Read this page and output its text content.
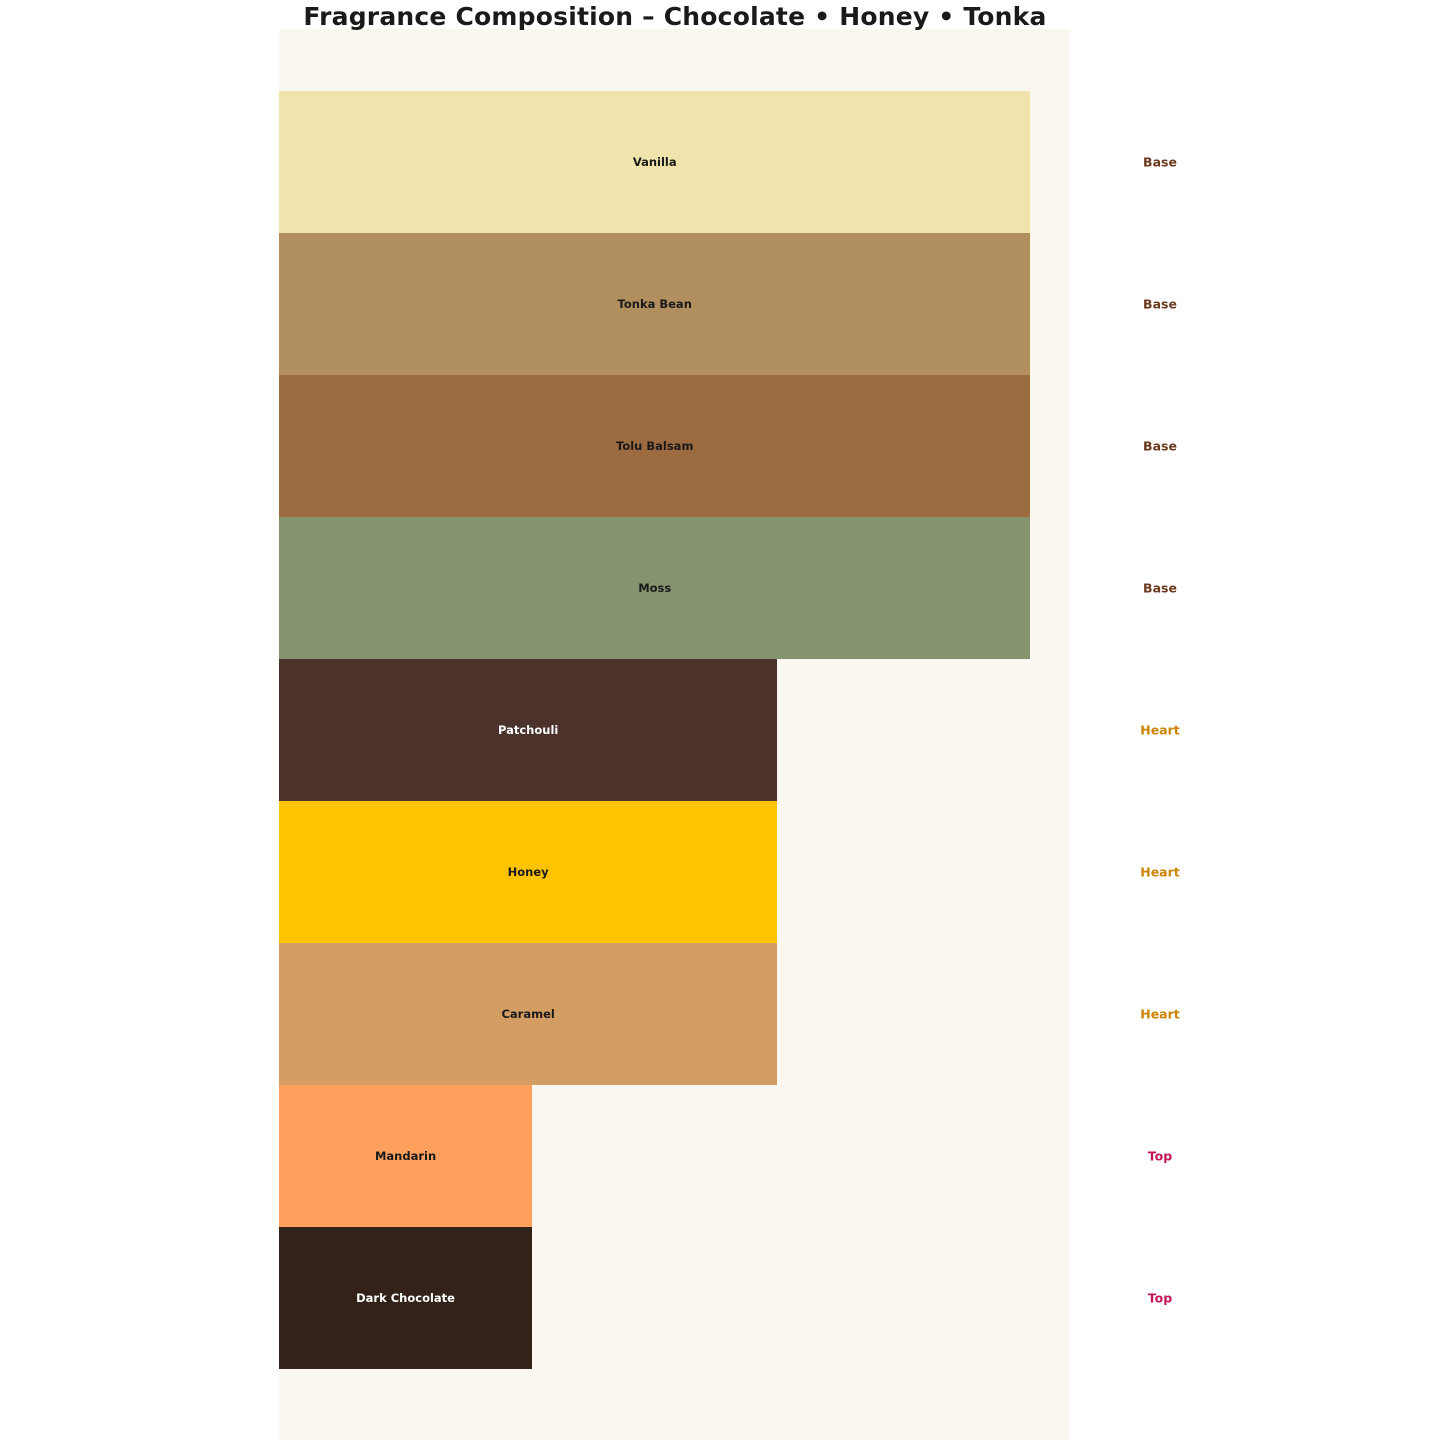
Fragrance Composition – Chocolate • Honey • Tonka
Vanilla
Tonka Bean
Tolu Balsam
Moss
Patchouli
Honey
Caramel
Mandarin
Dark Chocolate
Base
Base
Base
Base
Heart
Heart
Heart
Top
Top
